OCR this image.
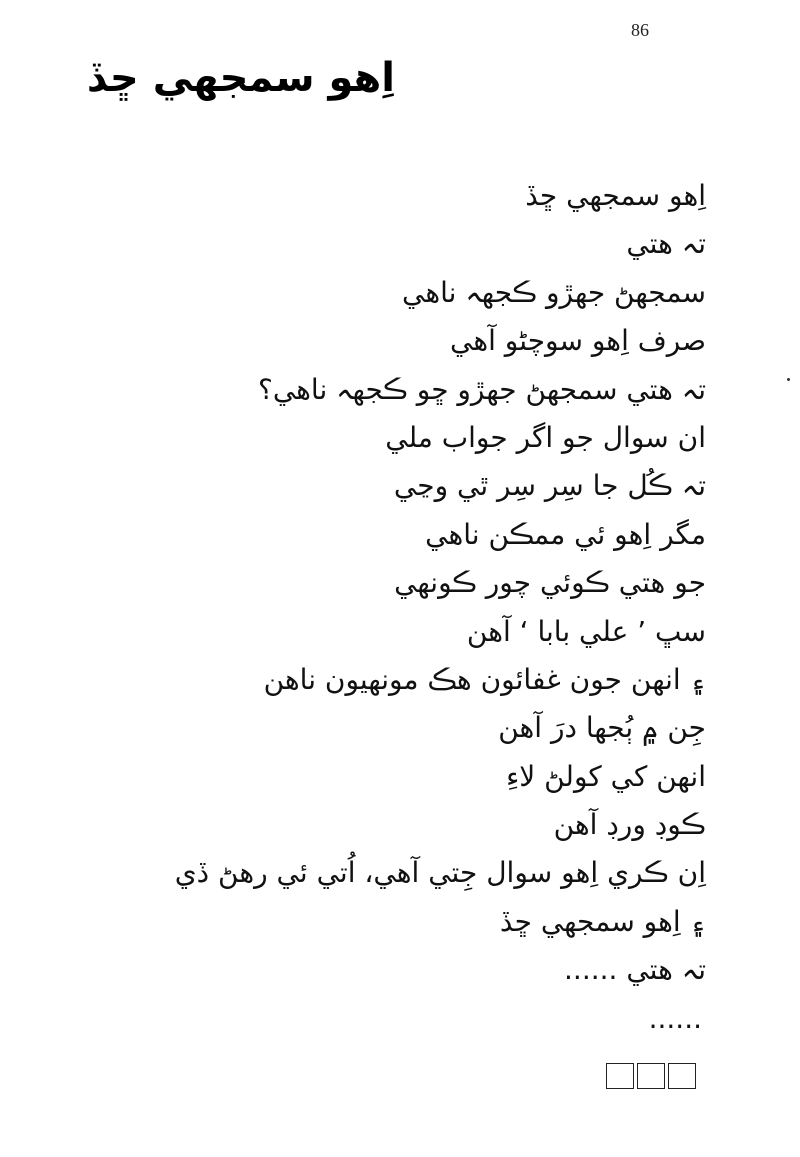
86
اِهو سمجهي ڇڏ
اِهو سمجهي ڇڏ
تہ هتي
سمجهڻ جهڙو ڪجهہ ناهي
صرف اِهو سوچڻو آهي
تہ هتي سمجهڻ جهڙو ڇو ڪجهہ ناهي؟
ان سوال جو اگر جواب ملي
تہ ڪُل جا سِر سِر ٿي وڃي
مگر اِهو ئي ممڪن ناهي
جو هتي ڪوئي چور ڪونهي
سڀ ’ علي بابا ‘ آهن
۽ انهن جون غفائون هڪ مونهيون ناهن
جِن ۾ ٻُجها درَ آهن
انهن کي کولڻ لاءِ
ڪوڊ ورڊ آهن
اِن ڪري اِهو سوال جِتي آهي، اُتي ئي رهڻ ڏي
۽ اِهو سمجهي ڇڏ
تہ هتي ......
......
